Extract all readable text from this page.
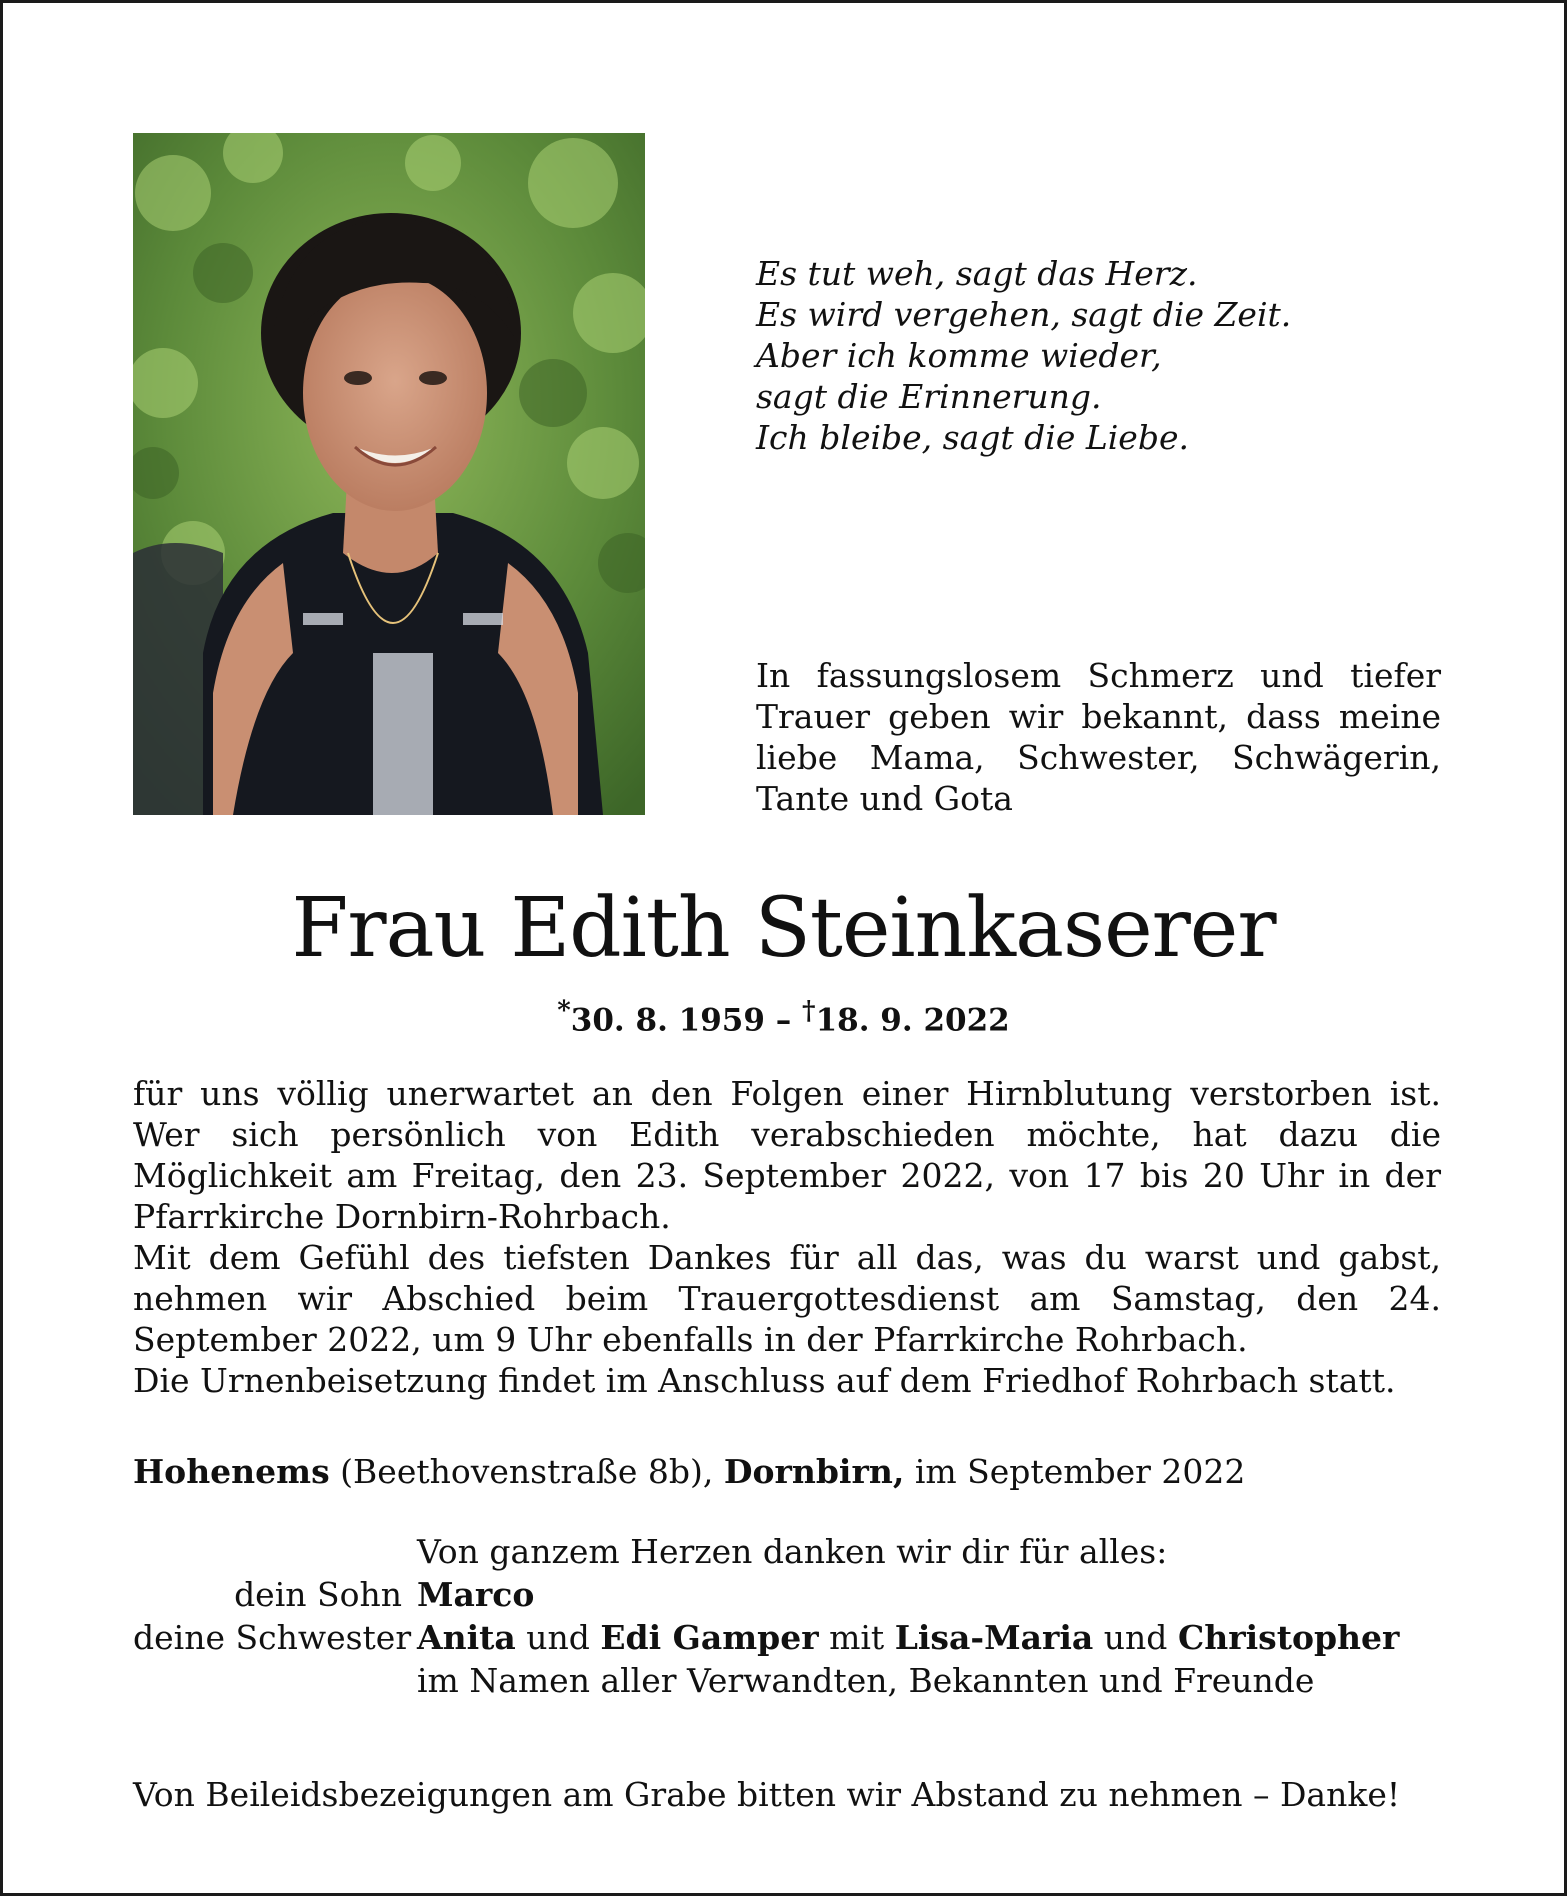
Es tut weh, sagt das Herz.
Es wird vergehen, sagt die Zeit.
Aber ich komme wieder,
sagt die Erinnerung.
Ich bleibe, sagt die Liebe.
In fassungslosem Schmerz und tiefer Trauer geben wir bekannt, dass meine liebe Mama, Schwester, Schwägerin, Tante und Gota
Frau Edith Steinkaserer
*30. 8. 1959 – †18. 9. 2022

für uns völlig unerwartet an den Folgen einer Hirnblutung verstorben ist. Wer sich persönlich von Edith verabschieden möchte, hat dazu die Möglichkeit am Freitag, den 23. September 2022, von 17 bis 20 Uhr in der Pfarrkirche Dornbirn-Rohrbach.

Mit dem Gefühl des tiefsten Dankes für all das, was du warst und gabst, nehmen wir Abschied beim Trauergottesdienst am Samstag, den 24. September 2022, um 9 Uhr ebenfalls in der Pfarrkirche Rohrbach.

Die Urnenbeisetzung findet im Anschluss auf dem Friedhof Rohrbach statt.

Hohenems (Beethovenstraße 8b), Dornbirn, im September 2022
Von ganzem Herzen danken wir dir für alles:
dein Sohn Marco
deine Schwester Anita und Edi Gamper mit Lisa-Maria und Christopher
im Namen aller Verwandten, Bekannten und Freunde
Von Beileidsbezeigungen am Grabe bitten wir Abstand zu nehmen – Danke!
